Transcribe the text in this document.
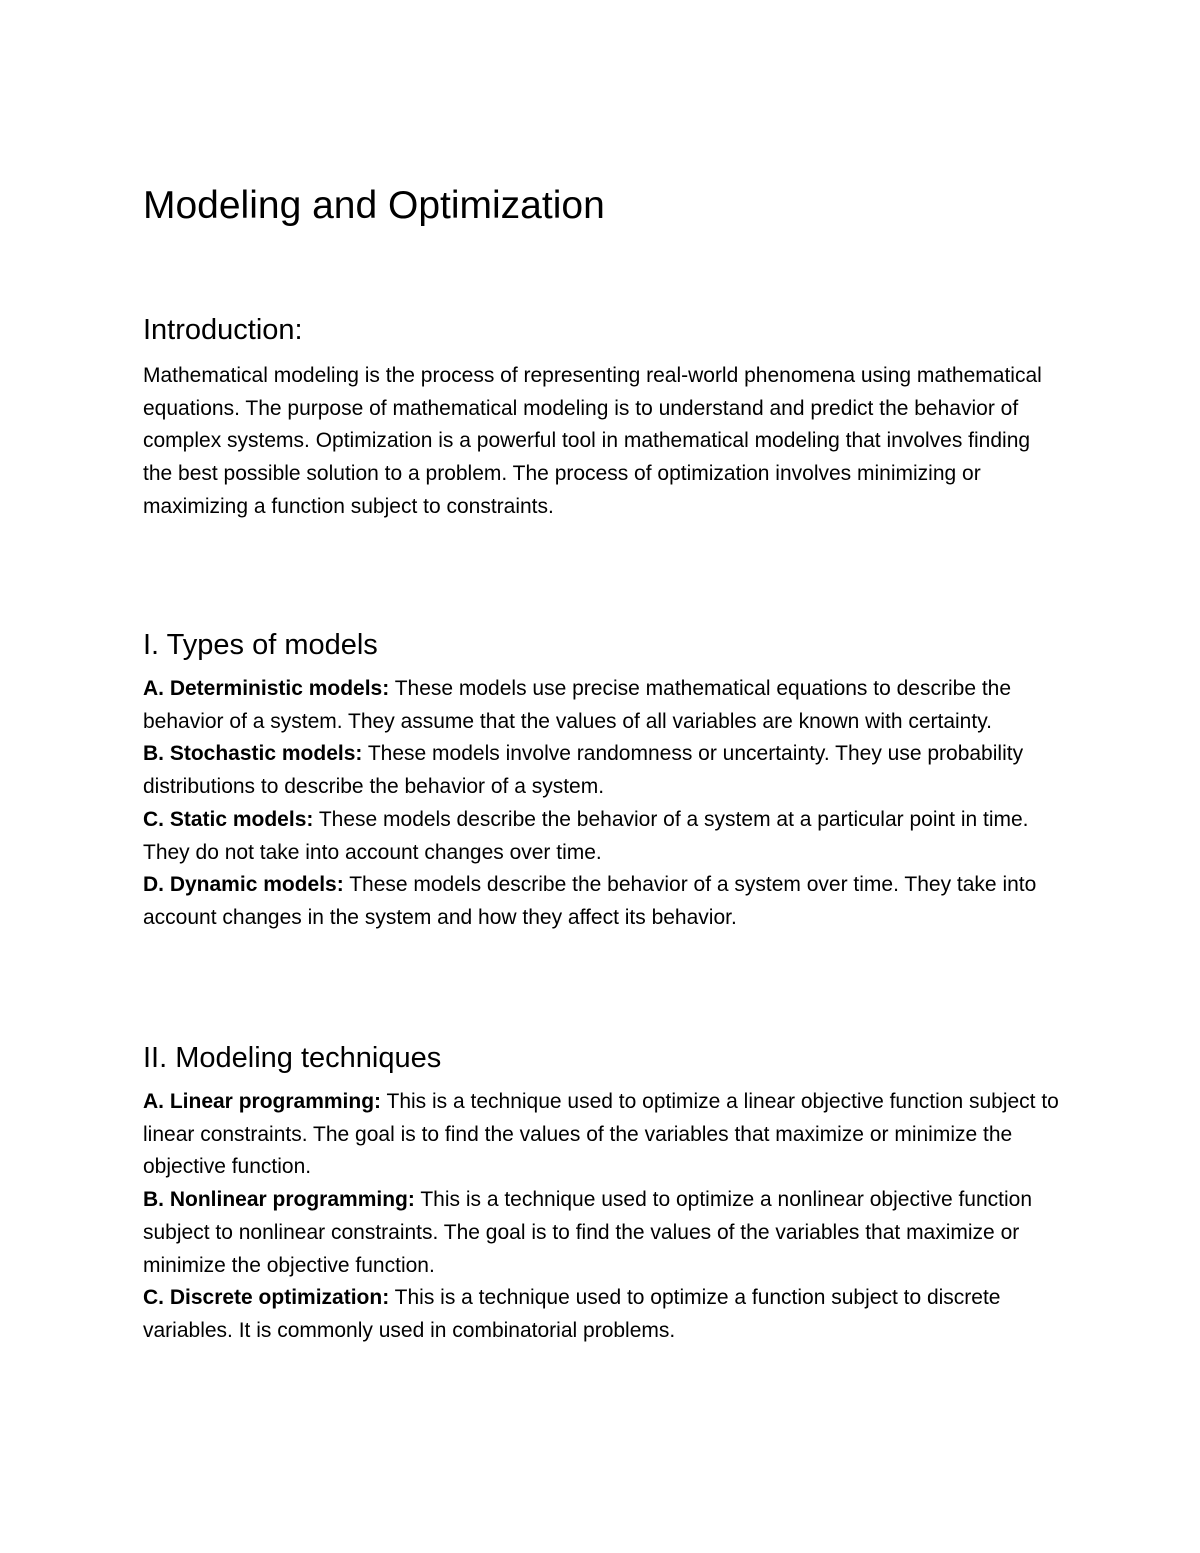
Modeling and Optimization
Introduction:

Mathematical modeling is the process of representing real-world phenomena using mathematical equations. The purpose of mathematical modeling is to understand and predict the behavior of complex systems. Optimization is a powerful tool in mathematical modeling that involves finding the best possible solution to a problem. The process of optimization involves minimizing or maximizing a function subject to constraints.

I. Types of models

A. Deterministic models: These models use precise mathematical equations to describe the behavior of a system. They assume that the values of all variables are known with certainty.

B. Stochastic models: These models involve randomness or uncertainty. They use probability distributions to describe the behavior of a system.

C. Static models: These models describe the behavior of a system at a particular point in time. They do not take into account changes over time.

D. Dynamic models: These models describe the behavior of a system over time. They take into account changes in the system and how they affect its behavior.

II. Modeling techniques

A. Linear programming: This is a technique used to optimize a linear objective function subject to linear constraints. The goal is to find the values of the variables that maximize or minimize the objective function.

B. Nonlinear programming: This is a technique used to optimize a nonlinear objective function subject to nonlinear constraints. The goal is to find the values of the variables that maximize or minimize the objective function.

C. Discrete optimization: This is a technique used to optimize a function subject to discrete variables. It is commonly used in combinatorial problems.
